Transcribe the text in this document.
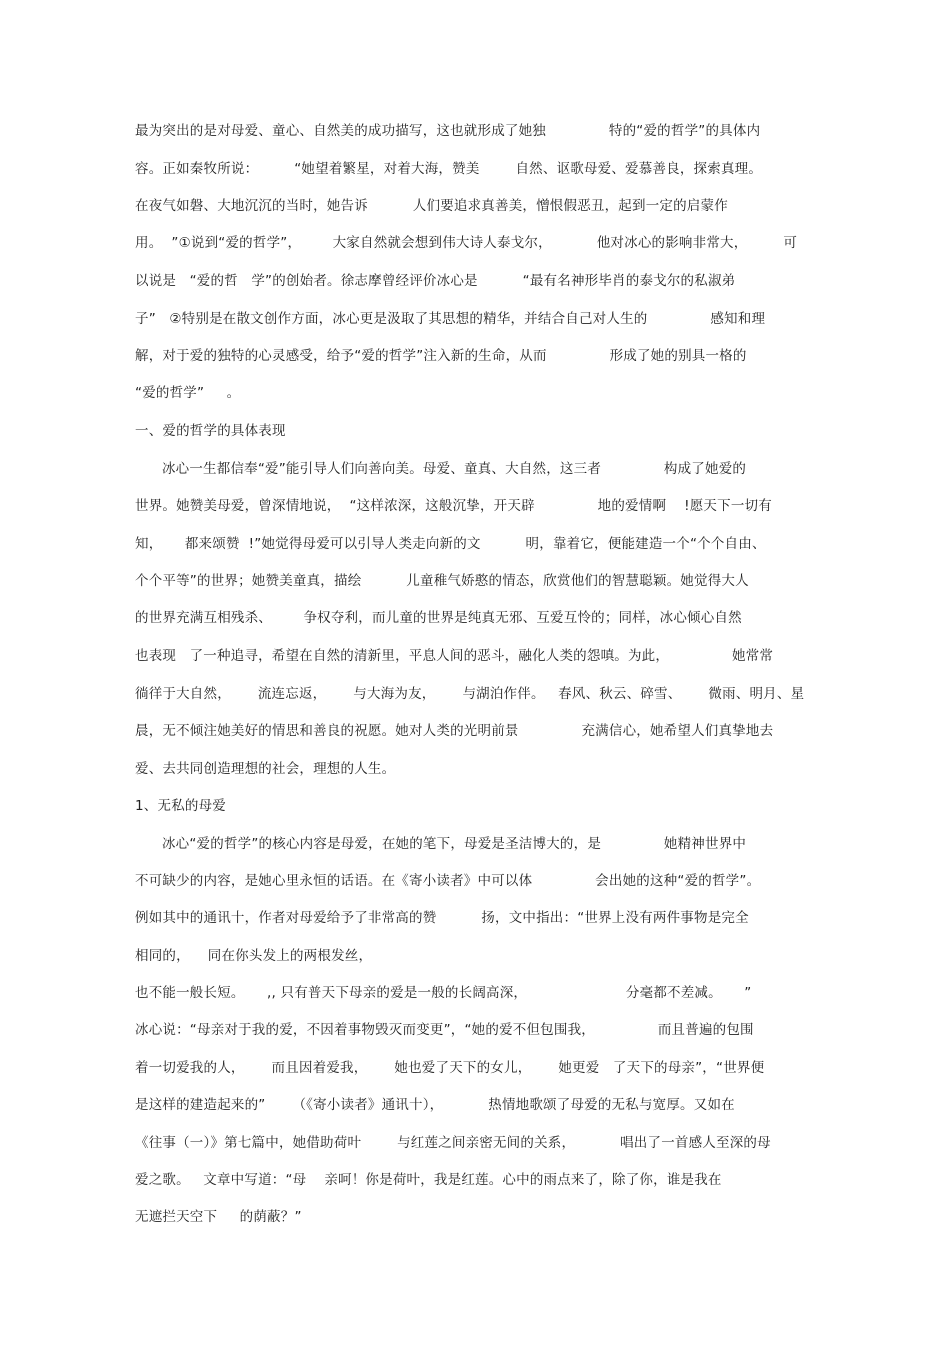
最为突出的是对母爱、童心、自然美的成功描写，这也就形成了她独              特的“爱的哲学”的具体内
容。正如秦牧所说：        “她望着繁星，对着大海，赞美        自然、讴歌母爱、爱慕善良，探索真理。
在夜气如磐、大地沉沉的当时，她告诉          人们要追求真善美，憎恨假恶丑，起到一定的启蒙作
用。  ”①说到“爱的哲学”，       大家自然就会想到伟大诗人泰戈尔，          他对冰心的影响非常大，        可
以说是   “爱的哲   学”的创始者。徐志摩曾经评价冰心是          “最有名神形毕肖的泰戈尔的私淑弟
子”   ②特别是在散文创作方面，冰心更是汲取了其思想的精华，并结合自己对人生的              感知和理
解，对于爱的独特的心灵感受，给予“爱的哲学”注入新的生命，从而              形成了她的别具一格的
“爱的哲学”     。
一、爱的哲学的具体表现
冰心一生都信奉“爱”能引导人们向善向美。母爱、童真、大自然，这三者              构成了她爱的
世界。她赞美母爱，曾深情地说，  “这样浓深，这般沉挚，开天辟              地的爱情啊    !愿天下一切有
知，     都来颂赞  !”她觉得母爱可以引导人类走向新的文          明，靠着它，便能建造一个“个个自由、
个个平等”的世界；她赞美童真，描绘          儿童稚气娇憨的情态，欣赏他们的智慧聪颖。她觉得大人
的世界充满互相残杀、       争权夺利，而儿童的世界是纯真无邪、互爱互怜的；同样，冰心倾心自然
也表现   了一种追寻，希望在自然的清新里，平息人间的恶斗，融化人类的怨嗔。为此，              她常常
徜徉于大自然，      流连忘返，      与大海为友，      与湖泊作伴。   春风、秋云、碎雪、      微雨、明月、星
晨，无不倾注她美好的情思和善良的祝愿。她对人类的光明前景              充满信心，她希望人们真挚地去
爱、去共同创造理想的社会，理想的人生。
1、无私的母爱
冰心“爱的哲学”的核心内容是母爱，在她的笔下，母爱是圣洁博大的，是              她精神世界中
不可缺少的内容，是她心里永恒的话语。在《寄小读者》中可以体              会出她的这种“爱的哲学”。
例如其中的通讯十，作者对母爱给予了非常高的赞          扬，文中指出：“世界上没有两件事物是完全
相同的，    同在你头发上的两根发丝，
也不能一般长短。     ,, 只有普天下母亲的爱是一般的长阔高深，                      分毫都不差减。     ”
冰心说：“母亲对于我的爱，不因着事物毁灭而变更”，“她的爱不但包围我，              而且普遍的包围
着一切爱我的人，      而且因着爱我，      她也爱了天下的女儿，      她更爱   了天下的母亲”，“世界便
是这样的建造起来的”      （《寄小读者》通讯十），          热情地歌颂了母爱的无私与宽厚。又如在
《往事（一）》第七篇中，她借助荷叶        与红莲之间亲密无间的关系，          唱出了一首感人至深的母
爱之歌。   文章中写道：“母    亲呵！你是荷叶，我是红莲。心中的雨点来了，除了你，谁是我在
无遮拦天空下     的荫蔽？”
